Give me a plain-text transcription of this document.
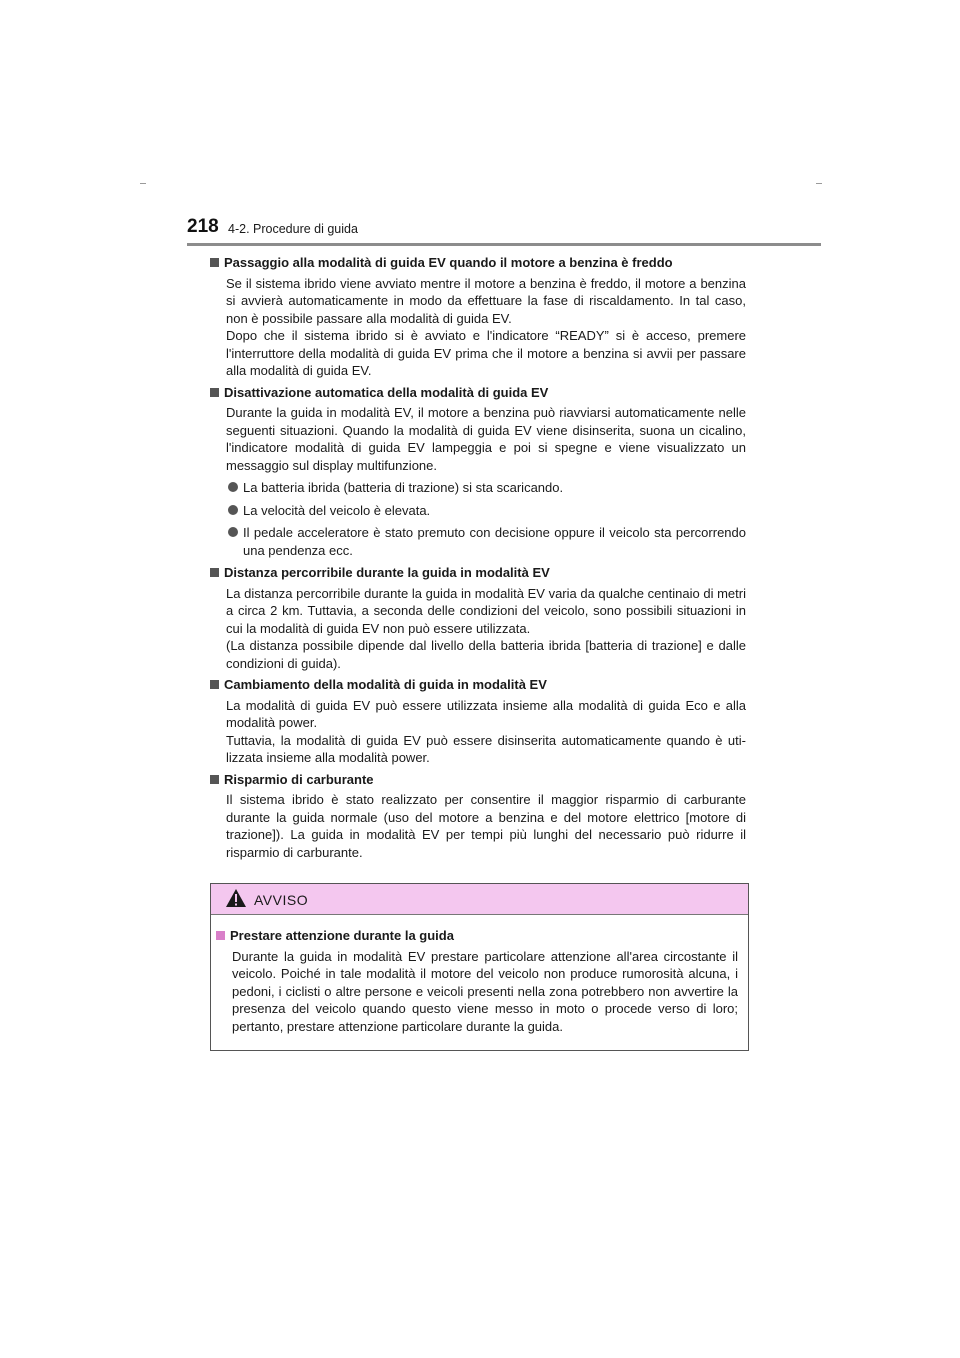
218 4-2. Procedure di guida
Passaggio alla modalità di guida EV quando il motore a benzina è freddo
Se il sistema ibrido viene avviato mentre il motore a benzina è freddo, il motore a benzina si avvierà automaticamente in modo da effettuare la fase di riscaldamento. In tal caso, non è possibile passare alla modalità di guida EV.
Dopo che il sistema ibrido si è avviato e l'indicatore “READY” si è acceso, premere l'interruttore della modalità di guida EV prima che il motore a benzina si avvii per passare alla modalità di guida EV.
Disattivazione automatica della modalità di guida EV
Durante la guida in modalità EV, il motore a benzina può riavviarsi automaticamente nelle seguenti situazioni. Quando la modalità di guida EV viene disinserita, suona un cicalino, l'indicatore modalità di guida EV lampeggia e poi si spegne e viene visualizzato un messaggio sul display multifunzione.
La batteria ibrida (batteria di trazione) si sta scaricando.
La velocità del veicolo è elevata.
Il pedale acceleratore è stato premuto con decisione oppure il veicolo sta percorrendo una pendenza ecc.
Distanza percorribile durante la guida in modalità EV
La distanza percorribile durante la guida in modalità EV varia da qualche centinaio di metri a circa 2 km. Tuttavia, a seconda delle condizioni del veicolo, sono possibili situazioni in cui la modalità di guida EV non può essere utilizzata.
(La distanza possibile dipende dal livello della batteria ibrida [batteria di trazione] e dalle condizioni di guida).
Cambiamento della modalità di guida in modalità EV
La modalità di guida EV può essere utilizzata insieme alla modalità di guida Eco e alla modalità power.
Tuttavia, la modalità di guida EV può essere disinserita automaticamente quando è utilizzata insieme alla modalità power.
Risparmio di carburante
Il sistema ibrido è stato realizzato per consentire il maggior risparmio di carburante durante la guida normale (uso del motore a benzina e del motore elettrico [motore di trazione]). La guida in modalità EV per tempi più lunghi del necessario può ridurre il risparmio di carburante.
AVVISO
Prestare attenzione durante la guida
Durante la guida in modalità EV prestare particolare attenzione all'area circostante il veicolo. Poiché in tale modalità il motore del veicolo non produce rumorosità alcuna, i pedoni, i ciclisti o altre persone e veicoli presenti nella zona potrebbero non avvertire la presenza del veicolo quando questo viene messo in moto o procede verso di loro; pertanto, prestare attenzione particolare durante la guida.
